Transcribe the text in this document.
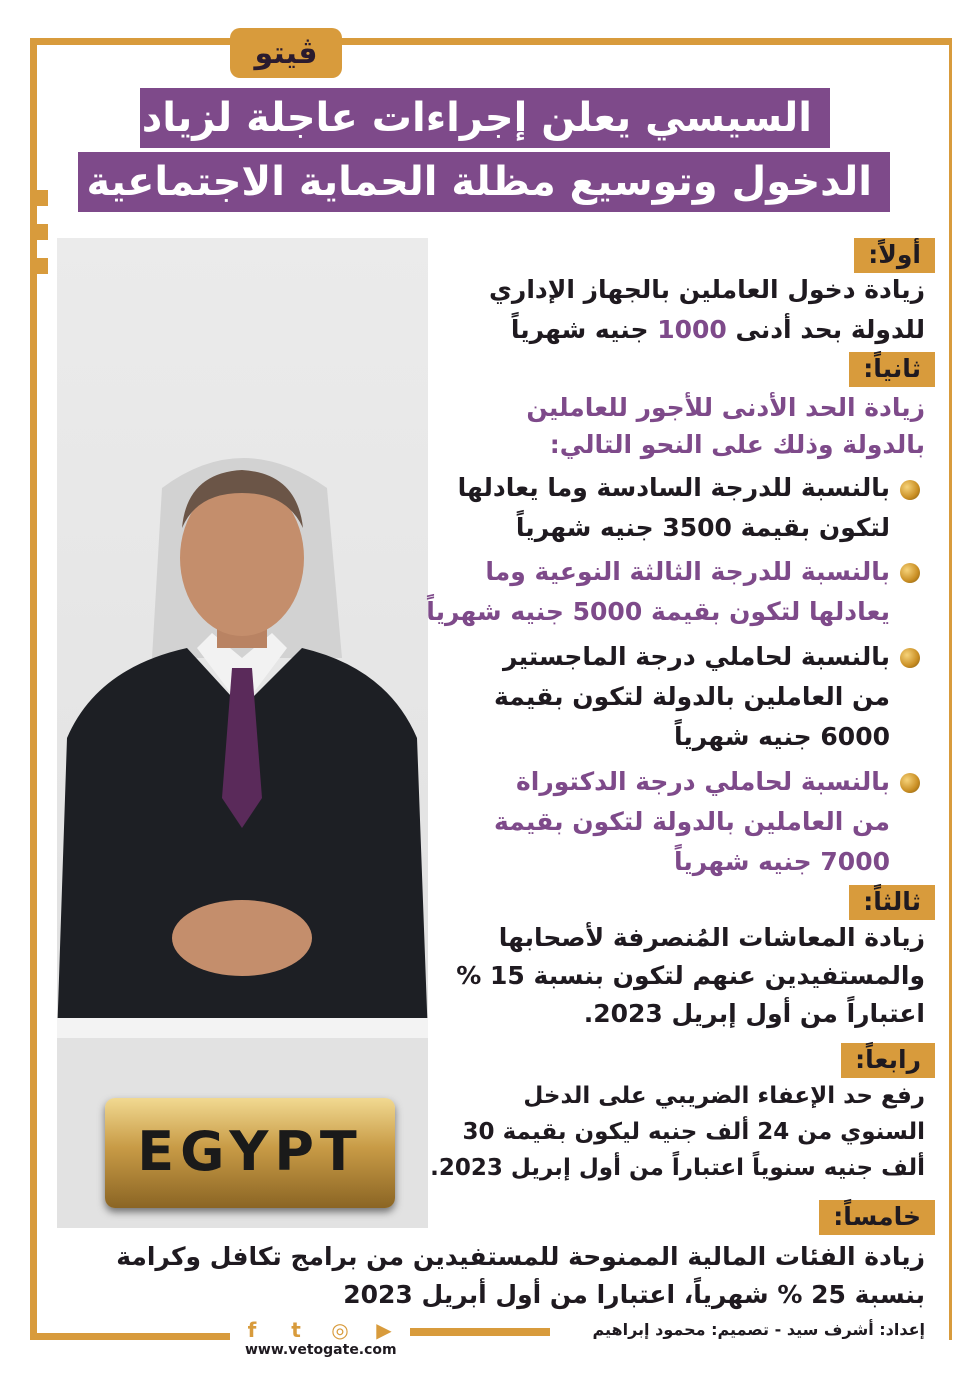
ڤيتو
السيسي يعلن إجراءات عاجلة لزيادة
الدخول وتوسيع مظلة الحماية الاجتماعية
EGYPT
أولاً:
زيادة دخول العاملين بالجهاز الإداري
للدولة بحد أدنى 1000 جنيه شهرياً
ثانياً:
زيادة الحد الأدنى للأجور للعاملين
بالدولة وذلك على النحو التالي:
بالنسبة للدرجة السادسة وما يعادلها
لتكون بقيمة 3500 جنيه شهرياً
بالنسبة للدرجة الثالثة النوعية وما
يعادلها لتكون بقيمة 5000 جنيه شهرياً
بالنسبة لحاملي درجة الماجستير
من العاملين بالدولة لتكون بقيمة
6000 جنيه شهرياً
بالنسبة لحاملي درجة الدكتوراة
من العاملين بالدولة لتكون بقيمة
7000 جنيه شهرياً
ثالثاً:
زيادة المعاشات المُنصرفة لأصحابها
والمستفيدين عنهم لتكون بنسبة 15 %
اعتباراً من أول إبريل 2023.
رابعاً:
رفع حد الإعفاء الضريبي على الدخل
السنوي من 24 ألف جنيه ليكون بقيمة 30
ألف جنيه سنوياً اعتباراً من أول إبريل 2023.
خامساً:
زيادة الفئات المالية الممنوحة للمستفيدين من برامج تكافل وكرامة
بنسبة 25 % شهرياً، اعتبارا من أول أبريل 2023
إعداد: أشرف سيد - تصميم: محمود إبراهيم
f	t	◎ ▶
www.vetogate.com
